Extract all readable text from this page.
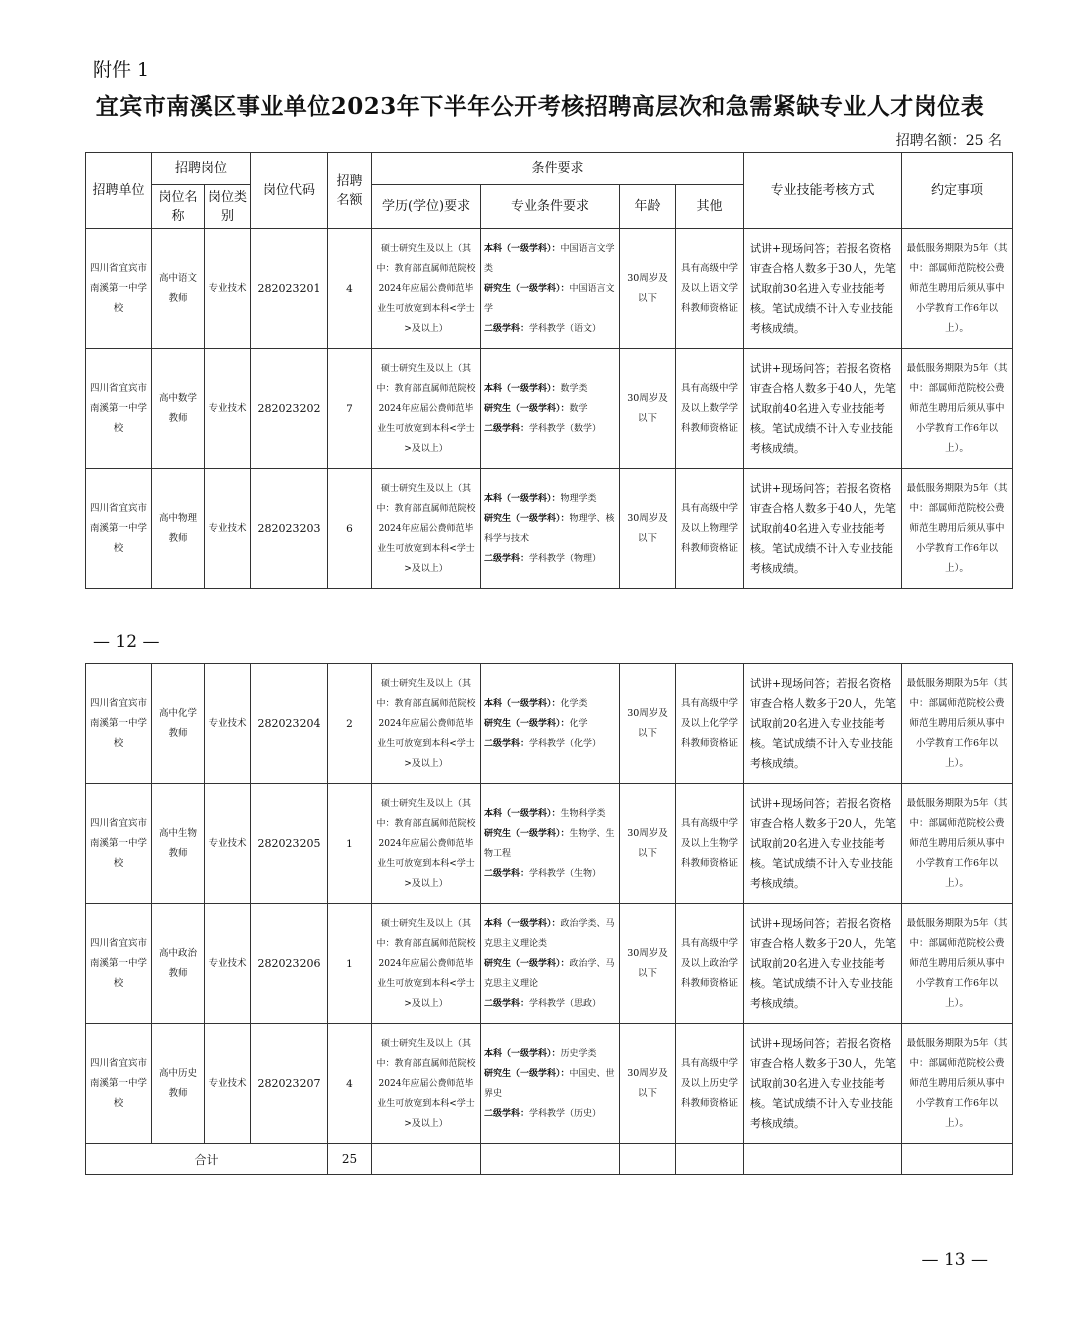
附件 1
宜宾市南溪区事业单位2023年下半年公开考核招聘高层次和急需紧缺专业人才岗位表
招聘名额：25 名
招聘单位	招聘岗位		岗位代码	招聘名额	条件要求				专业技能考核方式	约定事项
	岗位名称	岗位类别			学历(学位)要求	专业条件要求	年龄	其他		
四川省宜宾市南溪第一中学校	高中语文教师	专业技术	282023201	4	硕士研究生及以上（其中：教育部直属师范院校2024年应届公费师范毕业生可放宽到本科<学士>及以上）	本科（一级学科）：中国语言文学类
研究生（一级学科）：中国语言文学
二级学科：学科教学（语文）	30周岁及以下	具有高级中学及以上语文学科教师资格证	试讲+现场问答；若报名资格审查合格人数多于30人，先笔试取前30名进入专业技能考核。笔试成绩不计入专业技能考核成绩。	最低服务期限为5年（其中：部属师范院校公费师范生聘用后须从事中小学教育工作6年以上）。
四川省宜宾市南溪第一中学校	高中数学教师	专业技术	282023202	7	硕士研究生及以上（其中：教育部直属师范院校2024年应届公费师范毕业生可放宽到本科<学士>及以上）	本科（一级学科）：数学类
研究生（一级学科）：数学
二级学科：学科教学（数学）	30周岁及以下	具有高级中学及以上数学学科教师资格证	试讲+现场问答；若报名资格审查合格人数多于40人，先笔试取前40名进入专业技能考核。笔试成绩不计入专业技能考核成绩。	最低服务期限为5年（其中：部属师范院校公费师范生聘用后须从事中小学教育工作6年以上）。
四川省宜宾市南溪第一中学校	高中物理教师	专业技术	282023203	6	硕士研究生及以上（其中：教育部直属师范院校2024年应届公费师范毕业生可放宽到本科<学士>及以上）	本科（一级学科）：物理学类
研究生（一级学科）：物理学、核科学与技术
二级学科：学科教学（物理）	30周岁及以下	具有高级中学及以上物理学科教师资格证	试讲+现场问答；若报名资格审查合格人数多于40人，先笔试取前40名进入专业技能考核。笔试成绩不计入专业技能考核成绩。	最低服务期限为5年（其中：部属师范院校公费师范生聘用后须从事中小学教育工作6年以上）。
— 12 —
四川省宜宾市南溪第一中学校	高中化学教师	专业技术	282023204	2	硕士研究生及以上（其中：教育部直属师范院校2024年应届公费师范毕业生可放宽到本科<学士>及以上）	本科（一级学科）：化学类
研究生（一级学科）：化学
二级学科：学科教学（化学）	30周岁及以下	具有高级中学及以上化学学科教师资格证	试讲+现场问答；若报名资格审查合格人数多于20人，先笔试取前20名进入专业技能考核。笔试成绩不计入专业技能考核成绩。	最低服务期限为5年（其中：部属师范院校公费师范生聘用后须从事中小学教育工作6年以上）。
四川省宜宾市南溪第一中学校	高中生物教师	专业技术	282023205	1	硕士研究生及以上（其中：教育部直属师范院校2024年应届公费师范毕业生可放宽到本科<学士>及以上）	本科（一级学科）：生物科学类
研究生（一级学科）：生物学、生物工程
二级学科：学科教学（生物）	30周岁及以下	具有高级中学及以上生物学科教师资格证	试讲+现场问答；若报名资格审查合格人数多于20人，先笔试取前20名进入专业技能考核。笔试成绩不计入专业技能考核成绩。	最低服务期限为5年（其中：部属师范院校公费师范生聘用后须从事中小学教育工作6年以上）。
四川省宜宾市南溪第一中学校	高中政治教师	专业技术	282023206	1	硕士研究生及以上（其中：教育部直属师范院校2024年应届公费师范毕业生可放宽到本科<学士>及以上）	本科（一级学科）：政治学类、马克思主义理论类
研究生（一级学科）：政治学、马克思主义理论
二级学科：学科教学（思政）	30周岁及以下	具有高级中学及以上政治学科教师资格证	试讲+现场问答；若报名资格审查合格人数多于20人，先笔试取前20名进入专业技能考核。笔试成绩不计入专业技能考核成绩。	最低服务期限为5年（其中：部属师范院校公费师范生聘用后须从事中小学教育工作6年以上）。
四川省宜宾市南溪第一中学校	高中历史教师	专业技术	282023207	4	硕士研究生及以上（其中：教育部直属师范院校2024年应届公费师范毕业生可放宽到本科<学士>及以上）	本科（一级学科）：历史学类
研究生（一级学科）：中国史、世界史
二级学科：学科教学（历史）	30周岁及以下	具有高级中学及以上历史学科教师资格证	试讲+现场问答；若报名资格审查合格人数多于30人，先笔试取前30名进入专业技能考核。笔试成绩不计入专业技能考核成绩。	最低服务期限为5年（其中：部属师范院校公费师范生聘用后须从事中小学教育工作6年以上）。
合计				25						
— 13 —
